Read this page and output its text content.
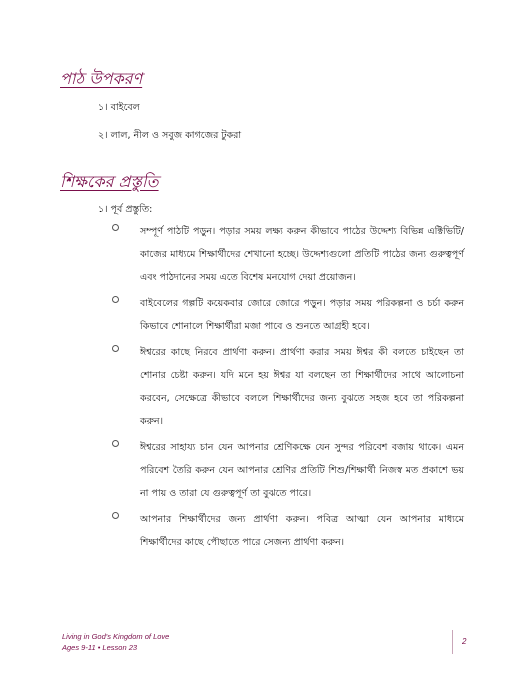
পাঠ উপকরণ
১। বাইবেল
২। লাল, নীল ও সবুজ কাগজের টুকরা
শিক্ষকের প্রস্তুতি
১। পূর্ব প্রস্তুতি:
সম্পূর্ণ পাঠটি পড়ুন। পড়ার সময় লক্ষ্য করুন কীভাবে পাঠের উদ্দেশ্য বিভিন্ন এক্টিভিটি/কাজের মাধ্যমে শিক্ষার্থীদের শেখানো হচ্ছে। উদ্দেশ্যগুলো প্রতিটি পাঠের জন্য গুরুত্বপূর্ণ এবং পাঠদানের সময় এতে বিশেষ মনযোগ দেয়া প্রয়োজন।
বাইবেলের গল্পটি কয়েকবার জোরে জোরে পড়ুন। পড়ার সময় পরিকল্পনা ও চর্চা করুন কিভাবে শোনালে শিক্ষার্থীরা মজা পাবে ও শুনতে আগ্রহী হবে।
ঈশ্বরের কাছে নিরবে প্রার্থণা করুন। প্রার্থণা করার সময় ঈশ্বর কী বলতে চাইছেন তা শোনার চেষ্টা করুন। যদি মনে হয় ঈশ্বর যা বলছেন তা শিক্ষার্থীদের সাথে আলোচনা করবেন, সেক্ষেত্রে কীভাবে বললে শিক্ষার্থীদের জন্য বুঝতে সহজ হবে তা পরিকল্পনা করুন।
ঈশ্বরের সাহায্য চান যেন আপনার শ্রেণিকক্ষে যেন সুন্দর পরিবেশ বজায় থাকে। এমন পরিবেশ তৈরি করুন যেন আপনার শ্রেণির প্রতিটি শিশু/শিক্ষার্থী নিজস্ব মত প্রকাশে ভয় না পায় ও তারা যে গুরুত্বপূর্ণ তা বুঝতে পারে।
আপনার শিক্ষার্থীদের জন্য প্রার্থণা করুন। পবিত্র আত্মা যেন আপনার মাধ্যমে শিক্ষার্থীদের কাছে পৌছাতে পারে সেজন্য প্রার্থণা করুন।
Living in God's Kingdom of Love
Ages 9-11 • Lesson 23
2
